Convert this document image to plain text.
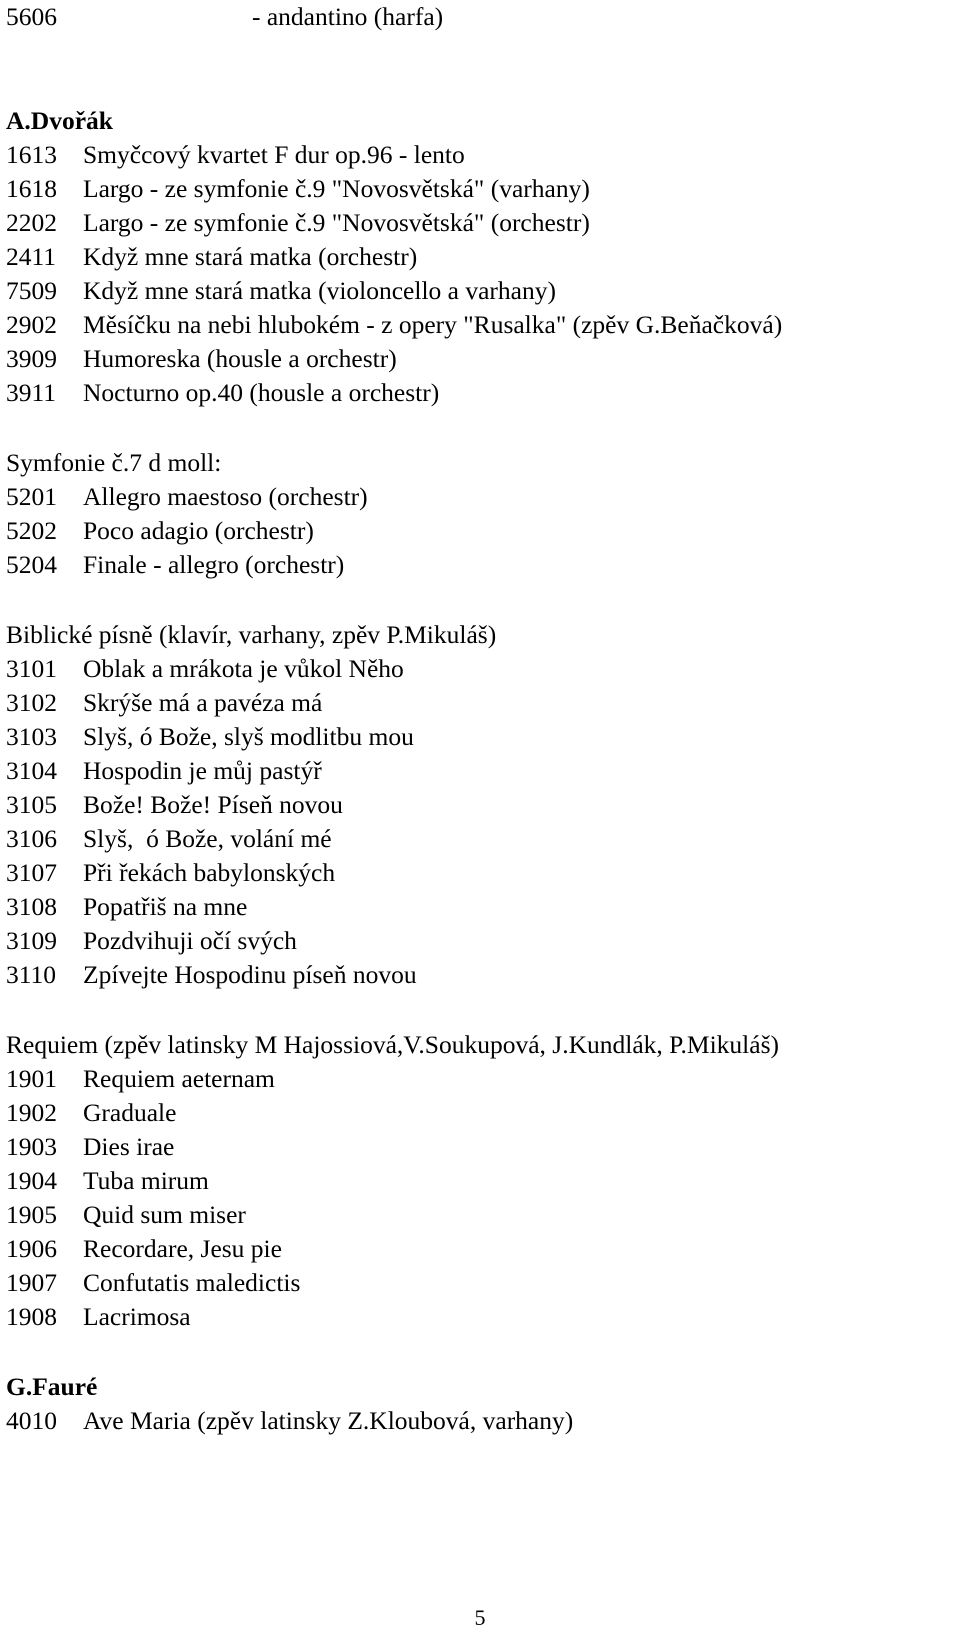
5606	- andantino (harfa)
A.Dvořák
1613 Smyčcový kvartet F dur op.96 - lento
1618 Largo - ze symfonie č.9 "Novosvětská" (varhany)
2202 Largo - ze symfonie č.9 "Novosvětská" (orchestr)
2411 Když mne stará matka (orchestr)
7509 Když mne stará matka (violoncello a varhany)
2902 Měsíčku na nebi hlubokém - z opery "Rusalka" (zpěv G.Beňačková)
3909 Humoreska (housle a orchestr)
3911 Nocturno op.40 (housle a orchestr)
Symfonie č.7 d moll:
5201 Allegro maestoso (orchestr)
5202 Poco adagio (orchestr)
5204 Finale - allegro (orchestr)
Biblické písně (klavír, varhany, zpěv P.Mikuláš)
3101 Oblak a mrákota je vůkol Něho
3102 Skrýše má a pavéza má
3103 Slyš, ó Bože, slyš modlitbu mou
3104 Hospodin je můj pastýř
3105 Bože! Bože! Píseň novou
3106 Slyš,  ó Bože, volání mé
3107 Při řekách babylonských
3108 Popatřiš na mne
3109 Pozdvihuji očí svých
3110 Zpívejte Hospodinu píseň novou
Requiem (zpěv latinsky M Hajossiová,V.Soukupová, J.Kundlák, P.Mikuláš)
1901 Requiem aeternam
1902 Graduale
1903 Dies irae
1904 Tuba mirum
1905 Quid sum miser
1906 Recordare, Jesu pie
1907 Confutatis maledictis
1908 Lacrimosa
G.Fauré
4010 Ave Maria (zpěv latinsky Z.Kloubová, varhany)
5
